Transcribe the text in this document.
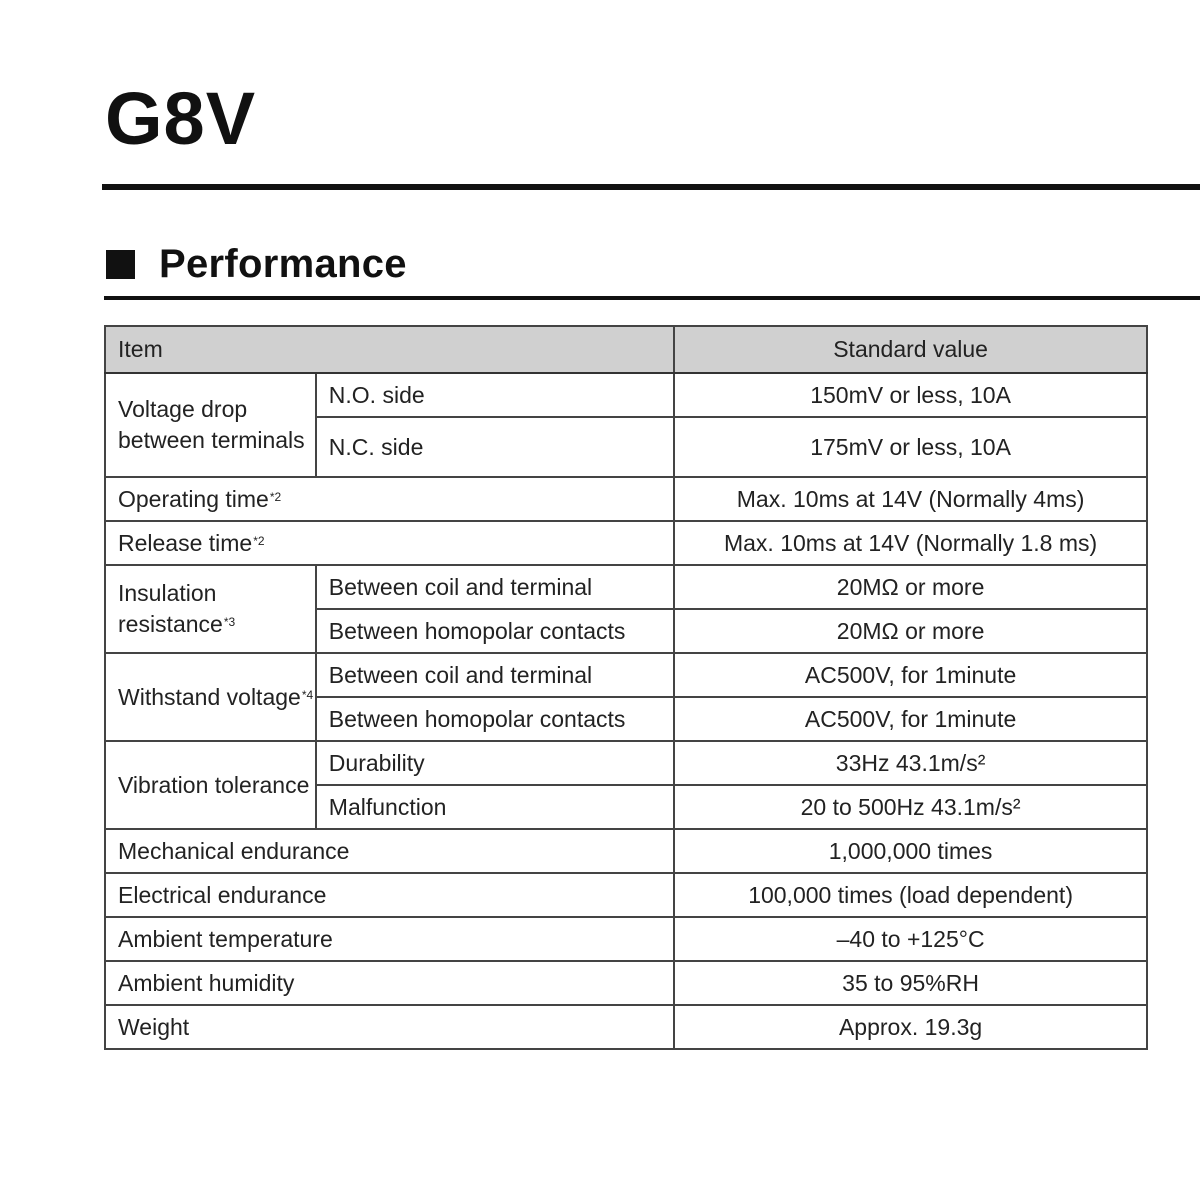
G8V
Performance
Item		Standard value
Voltage drop between terminals	N.O. side	150mV or less, 10A
	N.C. side	175mV or less, 10A
Operating time$^{*2}$		Max. 10ms at 14V (Normally 4ms)
Release time$^{*2}$		Max. 10ms at 14V (Normally 1.8 ms)
Insulation resistance$^{*3}$	Between coil and terminal	20MΩ or more
	Between homopolar contacts	20MΩ or more
Withstand voltage$^{*4}$	Between coil and terminal	AC500V, for 1minute
	Between homopolar contacts	AC500V, for 1minute
Vibration tolerance	Durability	33Hz 43.1m/s²
	Malfunction	20 to 500Hz 43.1m/s²
Mechanical endurance		1,000,000 times
Electrical endurance		100,000 times (load dependent)
Ambient temperature		–40 to +125°C
Ambient humidity		35 to 95%RH
Weight		Approx. 19.3g
